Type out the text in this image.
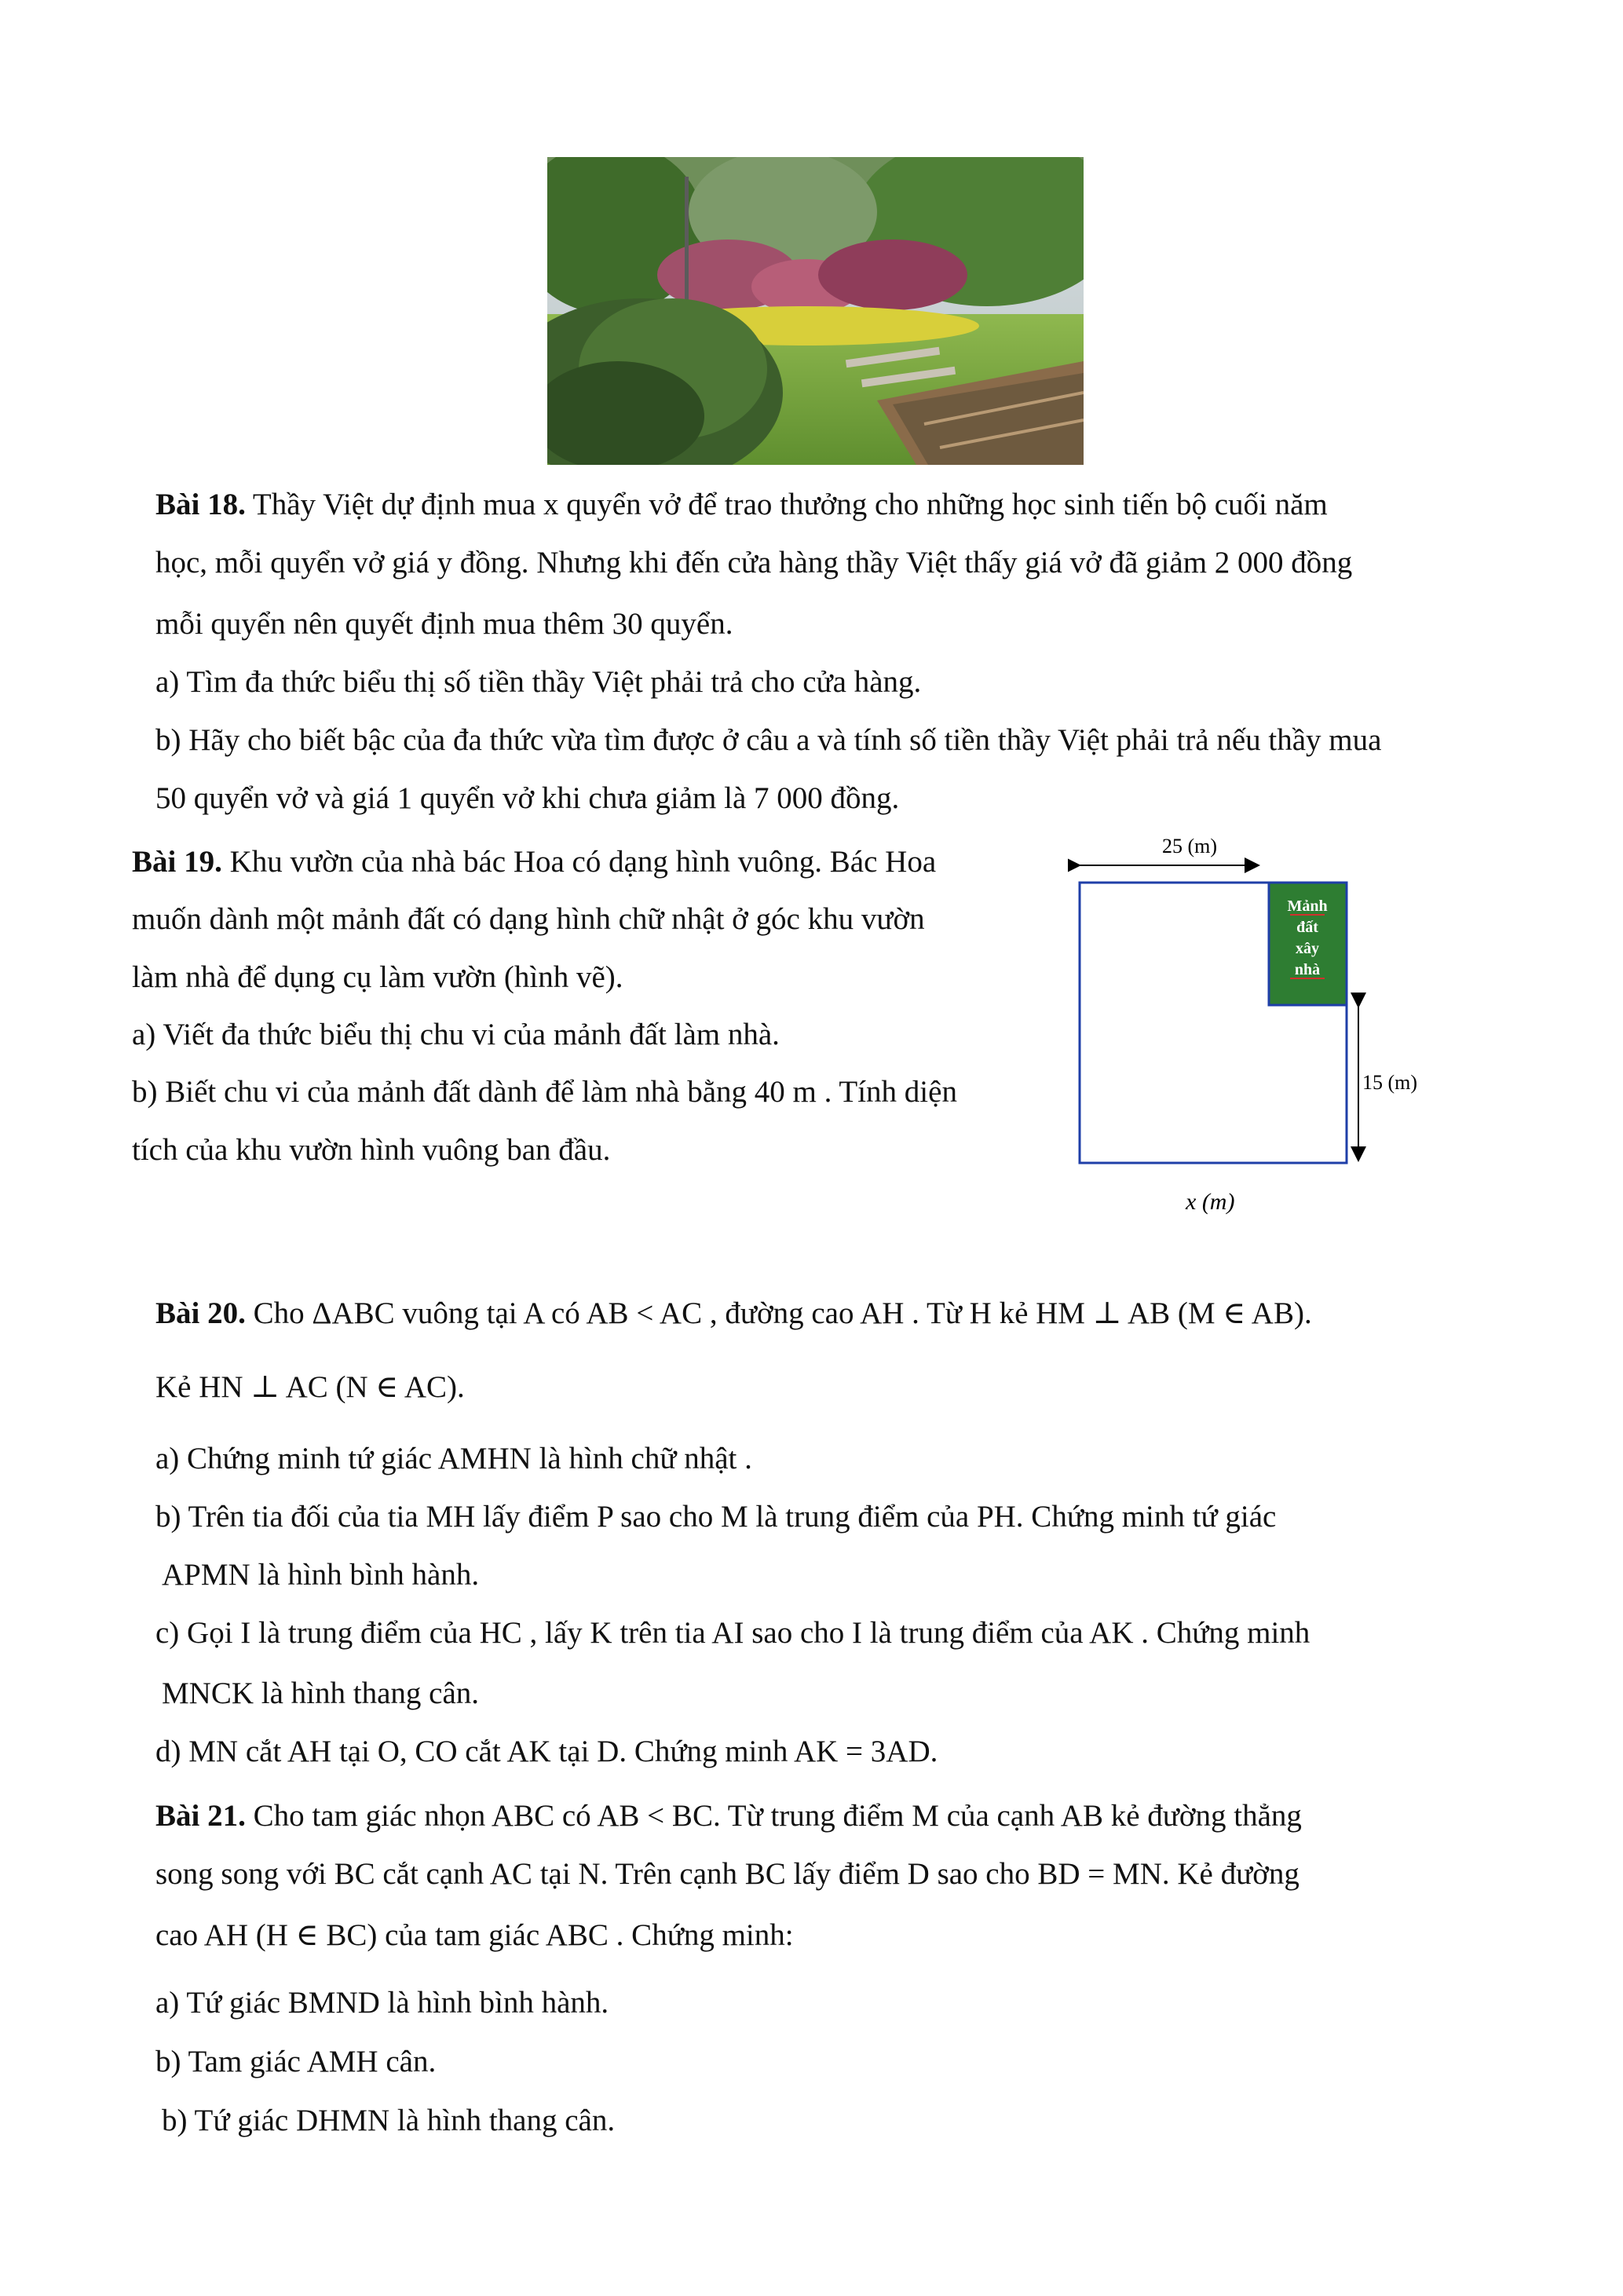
Bài 18. Thầy Việt dự định mua x quyển vở để trao thưởng cho những học sinh tiến bộ cuối năm
học, mỗi quyển vở giá y đồng. Nhưng khi đến cửa hàng thầy Việt thấy giá vở đã giảm 2 000 đồng
mỗi quyển nên quyết định mua thêm 30 quyển.
a) Tìm đa thức biểu thị số tiền thầy Việt phải trả cho cửa hàng.
b) Hãy cho biết bậc của đa thức vừa tìm được ở câu a và tính số tiền thầy Việt phải trả nếu thầy mua
50 quyển vở và giá 1 quyển vở khi chưa giảm là 7 000 đồng.
Bài 19. Khu vườn của nhà bác Hoa có dạng hình vuông. Bác Hoa
muốn dành một mảnh đất có dạng hình chữ nhật ở góc khu vườn
làm nhà để dụng cụ làm vườn (hình vẽ).
a) Viết đa thức biểu thị chu vi của mảnh đất làm nhà.
b) Biết chu vi của mảnh đất dành để làm nhà bằng 40 m . Tính diện
tích của khu vườn hình vuông ban đầu.
25 (m)
Mảnh
đất
xây
nhà
15 (m)
x (m)
Bài 20. Cho ΔABC vuông tại A có AB < AC , đường cao AH . Từ H kẻ HM ⊥ AB (M ∈ AB).
Kẻ HN ⊥ AC (N ∈ AC).
a) Chứng minh tứ giác AMHN là hình chữ nhật .
b) Trên tia đối của tia MH lấy điểm P sao cho M là trung điểm của PH. Chứng minh tứ giác
APMN là hình bình hành.
c) Gọi I là trung điểm của HC , lấy K trên tia AI sao cho I là trung điểm của AK . Chứng minh
MNCK là hình thang cân.
d) MN cắt AH tại O, CO cắt AK tại D. Chứng minh AK = 3AD.
Bài 21. Cho tam giác nhọn ABC có AB < BC. Từ trung điểm M của cạnh AB kẻ đường thẳng
song song với BC cắt cạnh AC tại N. Trên cạnh BC lấy điểm D sao cho BD = MN. Kẻ đường
cao AH (H ∈ BC) của tam giác ABC . Chứng minh:
a) Tứ giác BMND là hình bình hành.
b) Tam giác AMH cân.
b) Tứ giác DHMN là hình thang cân.
